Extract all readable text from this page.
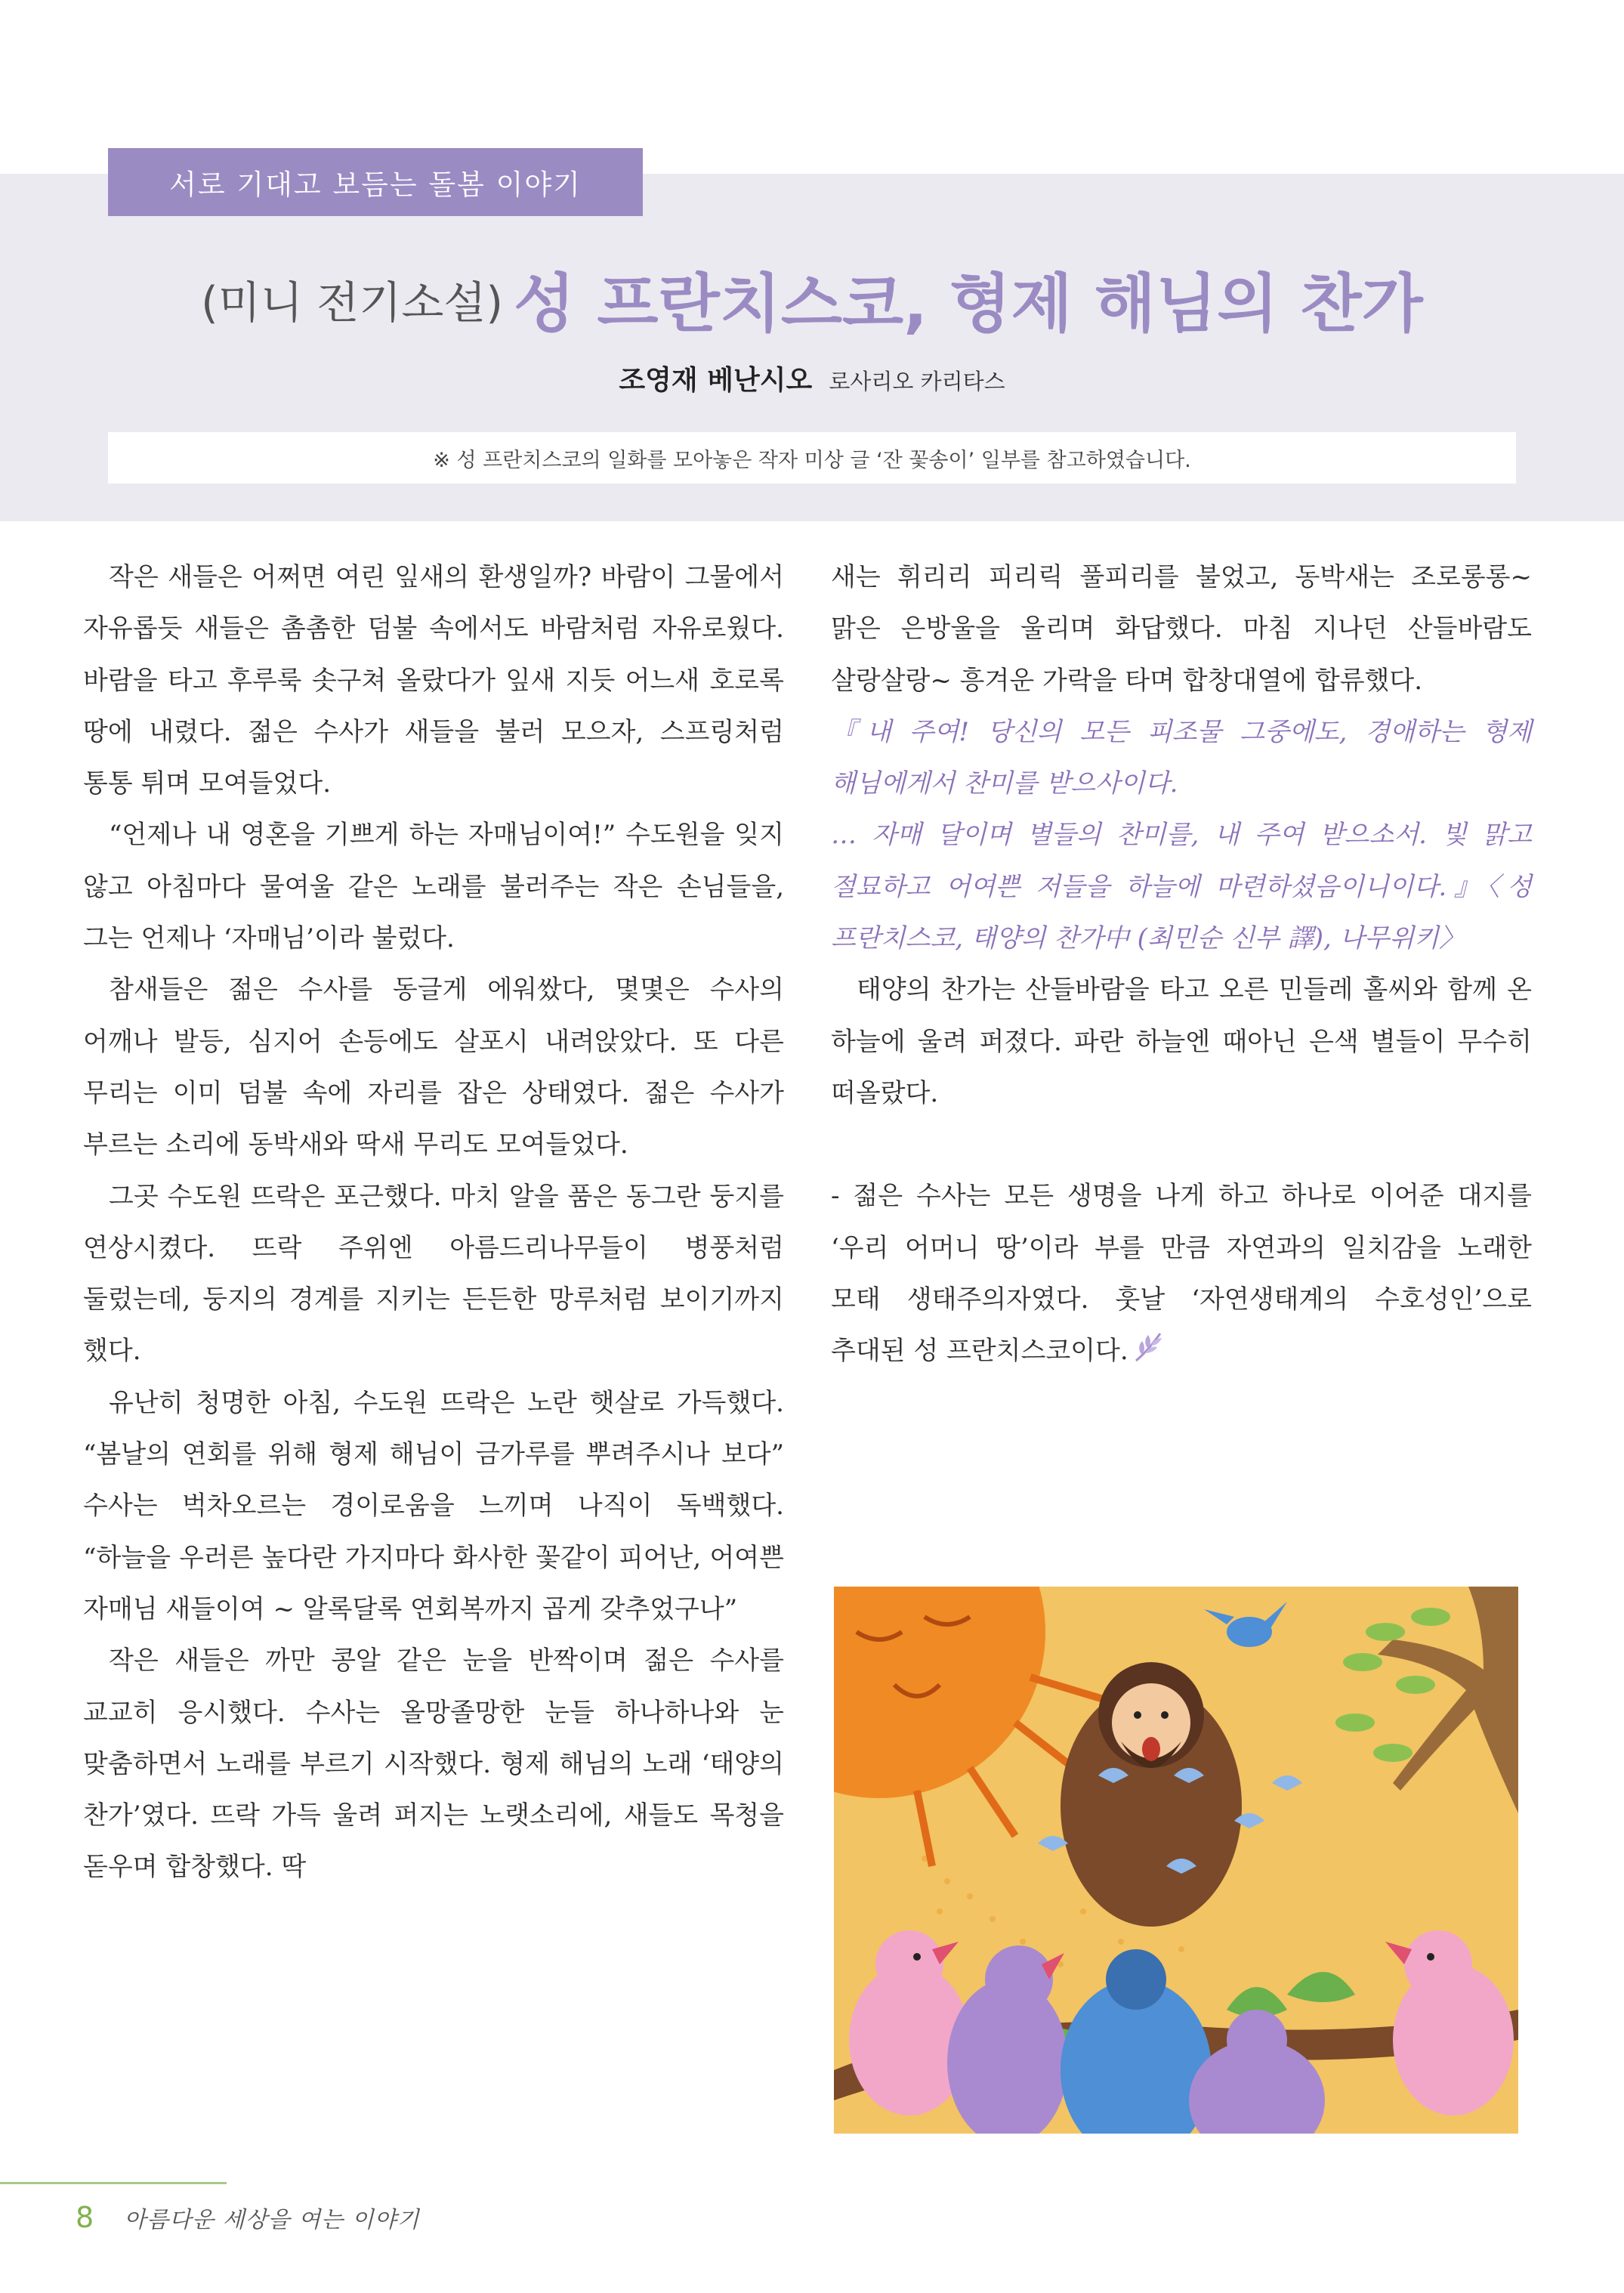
서로 기대고 보듬는 돌봄 이야기
(미니 전기소설) 성 프란치스코, 형제 해님의 찬가
조영재 베난시오 로사리오 카리타스
※ 성 프란치스코의 일화를 모아놓은 작자 미상 글 ‘잔 꽃송이’ 일부를 참고하였습니다.

작은 새들은 어쩌면 여린 잎새의 환생일까? 바람이 그물에서 자유롭듯 새들은 촘촘한 덤불 속에서도 바람처럼 자유로웠다. 바람을 타고 후루룩 솟구쳐 올랐다가 잎새 지듯 어느새 호로록 땅에 내렸다. 젊은 수사가 새들을 불러 모으자, 스프링처럼 통통 튀며 모여들었다.

“언제나 내 영혼을 기쁘게 하는 자매님이여!” 수도원을 잊지 않고 아침마다 물여울 같은 노래를 불러주는 작은 손님들을, 그는 언제나 ‘자매님’이라 불렀다.

참새들은 젊은 수사를 동글게 에워쌌다, 몇몇은 수사의 어깨나 발등, 심지어 손등에도 살포시 내려앉았다. 또 다른 무리는 이미 덤불 속에 자리를 잡은 상태였다. 젊은 수사가 부르는 소리에 동박새와 딱새 무리도 모여들었다.

그곳 수도원 뜨락은 포근했다. 마치 알을 품은 동그란 둥지를 연상시켰다. 뜨락 주위엔 아름드리나무들이 병풍처럼 둘렀는데, 둥지의 경계를 지키는 든든한 망루처럼 보이기까지 했다.

유난히 청명한 아침, 수도원 뜨락은 노란 햇살로 가득했다. “봄날의 연회를 위해 형제 해님이 금가루를 뿌려주시나 보다” 수사는 벅차오르는 경이로움을 느끼며 나직이 독백했다. “하늘을 우러른 높다란 가지마다 화사한 꽃같이 피어난, 어여쁜 자매님 새들이여 ~ 알록달록 연회복까지 곱게 갖추었구나”

작은 새들은 까만 콩알 같은 눈을 반짝이며 젊은 수사를 교교히 응시했다. 수사는 올망졸망한 눈들 하나하나와 눈 맞춤하면서 노래를 부르기 시작했다. 형제 해님의 노래 ‘태양의 찬가’였다. 뜨락 가득 울려 퍼지는 노랫소리에, 새들도 목청을 돋우며 합창했다. 딱

새는 휘리리 피리릭 풀피리를 불었고, 동박새는 조로롱롱~ 맑은 은방울을 울리며 화답했다. 마침 지나던 산들바람도 살랑살랑~ 흥겨운 가락을 타며 합창대열에 합류했다.

『내 주여! 당신의 모든 피조물 그중에도, 경애하는 형제 해님에게서 찬미를 받으사이다.

… 자매 달이며 별들의 찬미를, 내 주여 받으소서. 빛 맑고 절묘하고 어여쁜 저들을 하늘에 마련하셨음이니이다.』〈성 프란치스코, 태양의 찬가中 (최민순 신부 譯), 나무위키〉

태양의 찬가는 산들바람을 타고 오른 민들레 홀씨와 함께 온 하늘에 울려 퍼졌다. 파란 하늘엔 때아닌 은색 별들이 무수히 떠올랐다.

- 젊은 수사는 모든 생명을 나게 하고 하나로 이어준 대지를 ‘우리 어머니 땅’이라 부를 만큼 자연과의 일치감을 노래한 모태 생태주의자였다. 훗날 ‘자연생태계의 수호성인’으로 추대된 성 프란치스코이다.

8 아름다운 세상을 여는 이야기
